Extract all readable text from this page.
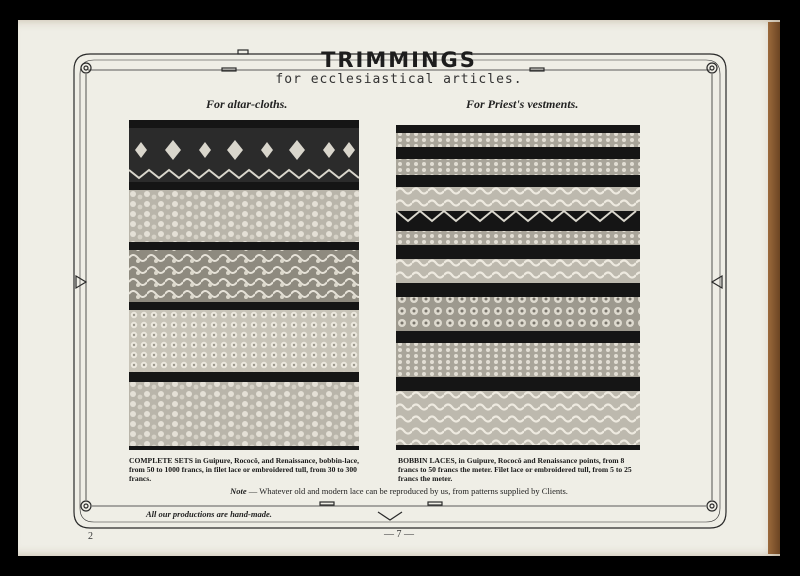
TRIMMINGS
for ecclesiastical articles.
For altar-cloths.
COMPLETE SETS in Guipure, Rococô, and Renaissance, bobbin-lace, from 50 to 1000 francs, in filet lace or embroidered tull, from 30 to 300 francs.
For Priest's vestments.
BOBBIN LACES, in Guipure, Rococô and Renaissance points, from 8 francs to 50 francs the meter. Filet lace or embroidered tull, from 5 to 25 francs the meter.
Note — Whatever old and modern lace can be reproduced by us, from patterns supplied by Clients.
All our productions are hand-made.
— 7 —
2
